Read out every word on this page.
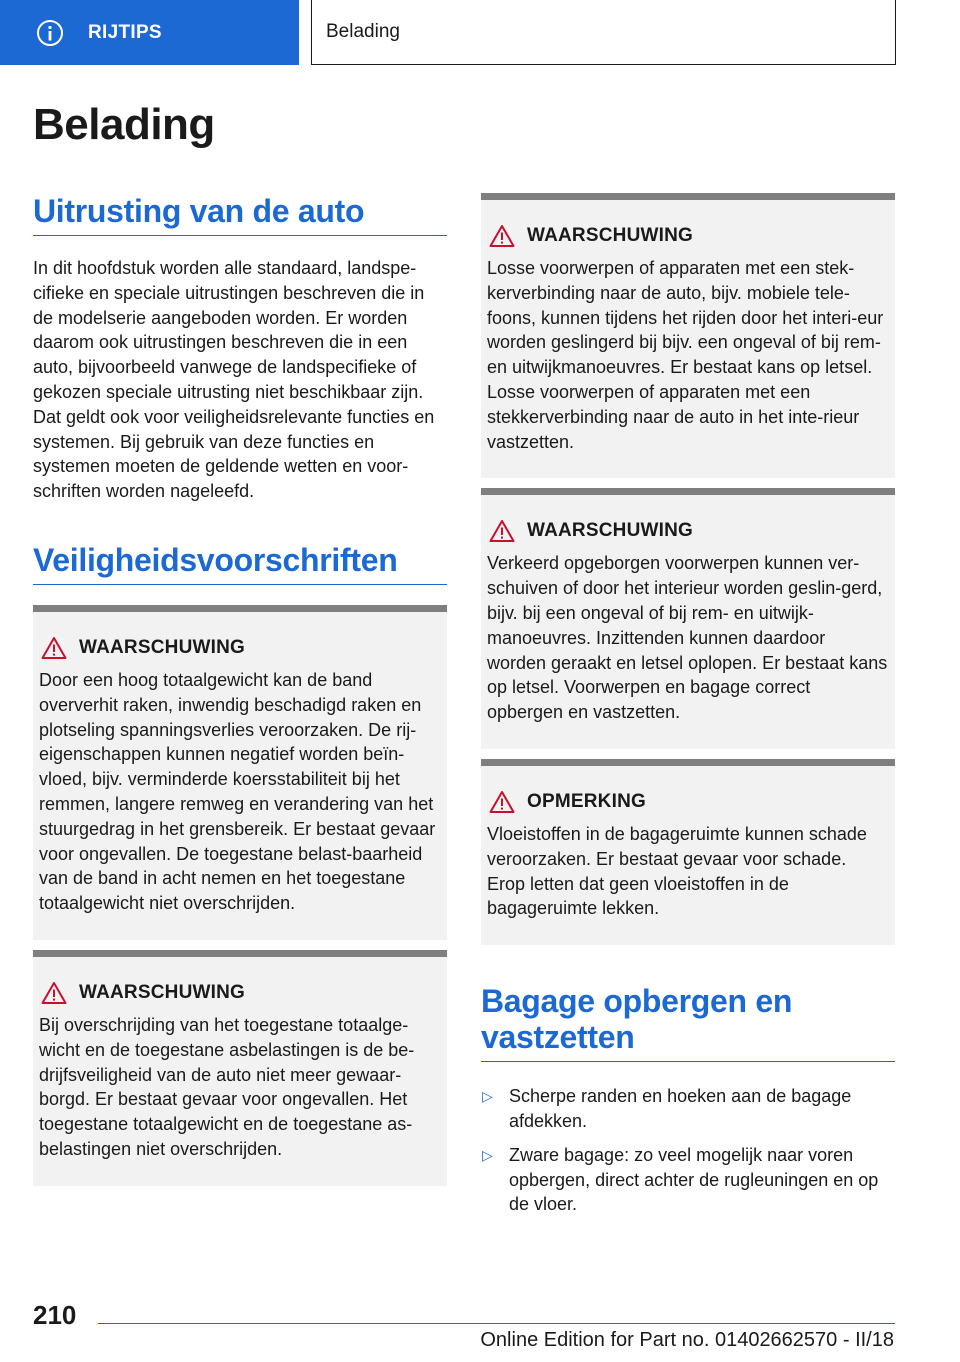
RIJTIPS	Belading
Belading
Uitrusting van de auto

In dit hoofdstuk worden alle standaard, landspe‐cifieke en speciale uitrustingen beschreven die in de modelserie aangeboden worden. Er worden daarom ook uitrustingen beschreven die in een auto, bijvoorbeeld vanwege de landspecifieke of gekozen speciale uitrusting niet beschikbaar zijn. Dat geldt ook voor veiligheidsrelevante functies en systemen. Bij gebruik van deze functies en systemen moeten de geldende wetten en voor‐schriften worden nageleefd.

Veiligheidsvoorschriften
WAARSCHUWING

Door een hoog totaalgewicht kan de band oververhit raken, inwendig beschadigd raken en plotseling spanningsverlies veroorzaken. De rij‐eigenschappen kunnen negatief worden beïn‐vloed, bijv. verminderde koersstabiliteit bij het remmen, langere remweg en verandering van het stuurgedrag in het grensbereik. Er bestaat gevaar voor ongevallen. De toegestane belast‐baarheid van de band in acht nemen en het toegestane totaalgewicht niet overschrijden.

WAARSCHUWING

Bij overschrijding van het toegestane totaalge‐wicht en de toegestane asbelastingen is de be‐drijfsveiligheid van de auto niet meer gewaar‐borgd. Er bestaat gevaar voor ongevallen. Het toegestane totaalgewicht en de toegestane as‐belastingen niet overschrijden.

WAARSCHUWING

Losse voorwerpen of apparaten met een stek‐kerverbinding naar de auto, bijv. mobiele tele‐foons, kunnen tijdens het rijden door het interi‐eur worden geslingerd bij bijv. een ongeval of bij rem- en uitwijkmanoeuvres. Er bestaat kans op letsel. Losse voorwerpen of apparaten met een stekkerverbinding naar de auto in het inte‐rieur vastzetten.

WAARSCHUWING

Verkeerd opgeborgen voorwerpen kunnen ver‐schuiven of door het interieur worden geslin‐gerd, bijv. bij een ongeval of bij rem- en uitwijk‐manoeuvres. Inzittenden kunnen daardoor worden geraakt en letsel oplopen. Er bestaat kans op letsel. Voorwerpen en bagage correct opbergen en vastzetten.

OPMERKING

Vloeistoffen in de bagageruimte kunnen schade veroorzaken. Er bestaat gevaar voor schade. Erop letten dat geen vloeistoffen in de bagageruimte lekken.

Bagage opbergen en vastzetten
▷ Scherpe randen en hoeken aan de bagage afdekken.
▷ Zware bagage: zo veel mogelijk naar voren opbergen, direct achter de rugleuningen en op de vloer.
210
Online Edition for Part no. 01402662570 - II/18
